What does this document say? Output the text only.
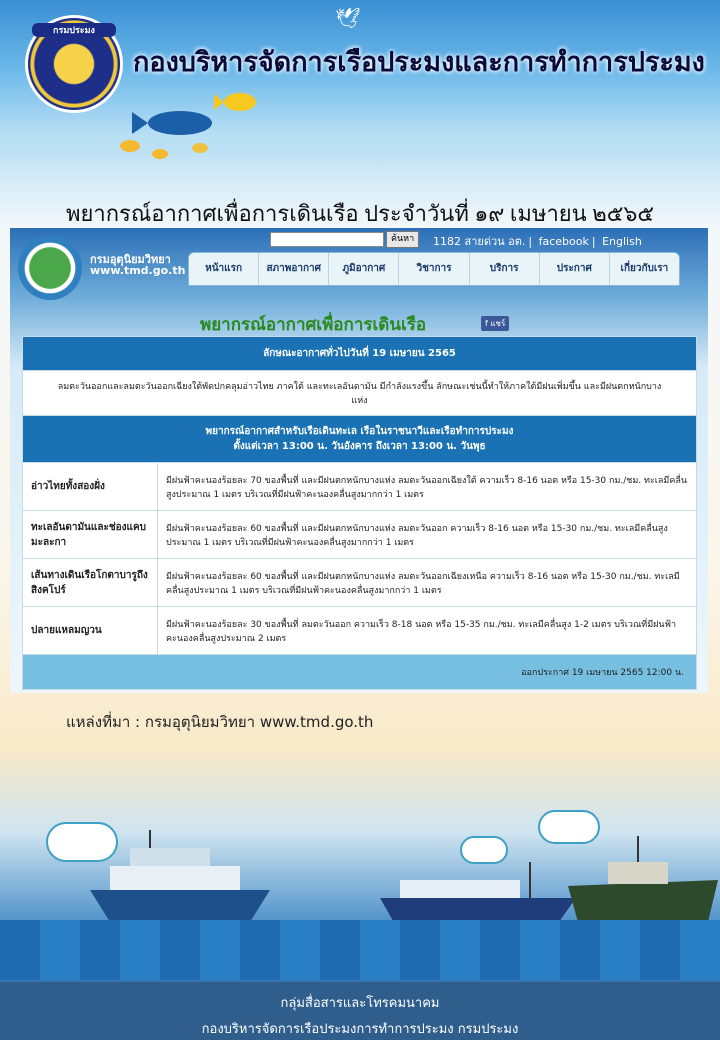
กรมประมง
กองบริหารจัดการเรือประมงและการทำการประมง
🕊
พยากรณ์อากาศเพื่อการเดินเรือ ประจำวันที่ ๑๙ เมษายน ๒๕๖๕
กรมอุตุนิยมวิทยา
www.tmd.go.th
ค้นหา	1182 สายด่วน อต. | facebook | English
หน้าแรก	สภาพอากาศ	ภูมิอากาศ	วิชาการ	บริการ	ประกาศ	เกี่ยวกับเรา
พยากรณ์อากาศเพื่อการเดินเรือ	f แชร์
ลักษณะอากาศทั่วไปวันที่ 19 เมษายน 2565	
ลมตะวันออกและลมตะวันออกเฉียงใต้พัดปกคลุมอ่าวไทย ภาคใต้ และทะเลอันดามัน มีกำลังแรงขึ้น ลักษณะเช่นนี้ทำให้ภาคใต้มีฝนเพิ่มขึ้น และมีฝนตกหนักบางแห่ง	

พยากรณ์อากาศสำหรับเรือเดินทะเล เรือในราชนาวีและเรือทำการประมง
ตั้งแต่เวลา 13:00 น. วันอังคาร ถึงเวลา 13:00 น. วันพุธ	

อ่าวไทยทั้งสองฝั่ง	มีฝนฟ้าคะนองร้อยละ 70 ของพื้นที่ และมีฝนตกหนักบางแห่ง ลมตะวันออกเฉียงใต้ ความเร็ว 8-16 นอต หรือ 15-30 กม./ชม. ทะเลมีคลื่นสูงประมาณ 1 เมตร บริเวณที่มีฝนฟ้าคะนองคลื่นสูงมากกว่า 1 เมตร
ทะเลอันดามันและช่องแคบมะละกา	มีฝนฟ้าคะนองร้อยละ 60 ของพื้นที่ และมีฝนตกหนักบางแห่ง ลมตะวันออก ความเร็ว 8-16 นอต หรือ 15-30 กม./ชม. ทะเลมีคลื่นสูงประมาณ 1 เมตร บริเวณที่มีฝนฟ้าคะนองคลื่นสูงมากกว่า 1 เมตร
เส้นทางเดินเรือโกตาบารูถึงสิงคโปร์	มีฝนฟ้าคะนองร้อยละ 60 ของพื้นที่ และมีฝนตกหนักบางแห่ง ลมตะวันออกเฉียงเหนือ ความเร็ว 8-16 นอต หรือ 15-30 กม./ชม. ทะเลมีคลื่นสูงประมาณ 1 เมตร บริเวณที่มีฝนฟ้าคะนองคลื่นสูงมากกว่า 1 เมตร
ปลายแหลมญวน	มีฝนฟ้าคะนองร้อยละ 30 ของพื้นที่ ลมตะวันออก ความเร็ว 8-18 นอต หรือ 15-35 กม./ชม. ทะเลมีคลื่นสูง 1-2 เมตร บริเวณที่มีฝนฟ้าคะนองคลื่นสูงประมาณ 2 เมตร
ออกประกาศ 19 เมษายน 2565 12:00 น.	
แหล่งที่มา : กรมอุตุนิยมวิทยา www.tmd.go.th
กลุ่มสื่อสารและโทรคมนาคม
กองบริหารจัดการเรือประมงการทำการประมง กรมประมง
